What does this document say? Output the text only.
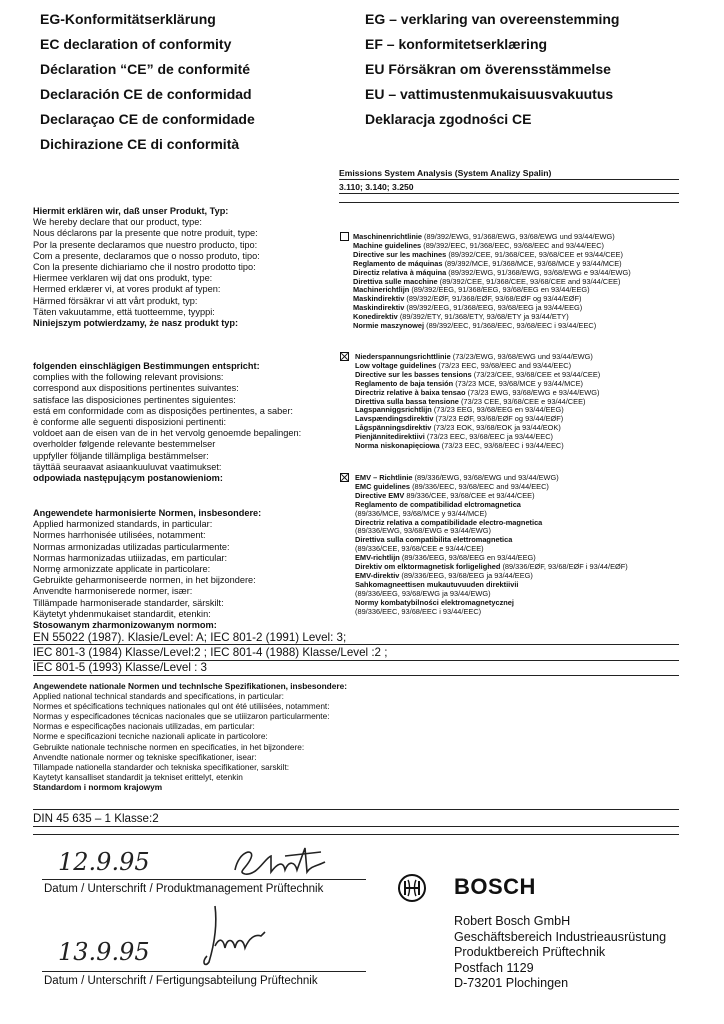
EG-Konformitätserklärung
EC declaration of conformity
Déclaration “CE” de conformité
Declaración CE de conformidad
Declaraçao CE de conformidade
Dichirazione CE di conformità
EG – verklaring van overeenstemming
EF – konformitetserklæring
EU Försäkran om överensstämmelse
EU – vattimustenmukaisuusvakuutus
Deklaracja zgodności CE
Emissions System Analysis (System Analizy Spalin)
3.110; 3.140; 3.250
Hiermit erklären wir, daß unser Produkt, Typ:
We hereby declare that our product, type:
Nous déclarons par la presente que notre produit, type:
Por la presente declaramos que nuestro producto, tipo:
Com a presente, declaramos que o nosso produto, tipo:
Con la presente dichiariamo che il nostro prodotto tipo:
Hiermee verklaren wij dat ons produkt, type:
Hermed erklærer vi, at vores produkt af typen:
Härmed försäkrar vi att vårt produkt, typ:
Täten vakuutamme, että tuotteemme, tyyppi:
Niniejszym potwierdzamy, że nasz produkt typ:
folgenden einschlägigen Bestimmungen entspricht:
complies with the following relevant provisions:
correspond aux dispositions pertinentes suivantes:
satisface las disposiciones pertinentes siguientes:
está em conformidade com as disposições pertinentes, a saber:
è conforme alle seguenti disposizioni pertinenti:
voldoet aan de eisen van de in het vervolg genoemde bepalingen:
overholder følgende relevante bestemmelser
uppfyller följande tillämpliga bestämmelser:
täyttää seuraavat asiaankuuluvat vaatimukset:
odpowiada następującym postanowieniom:
Angewendete harmonisierte Normen, insbesondere:
Applied harmonized standards, in particular:
Normes harrhonisée utilisées, notamment:
Normas armonizadas utilizadas particularmente:
Normas harmonizadas utiiizadas, em particular:
Normę armonizzate applicate in particolare:
Gebruikte geharmoniseerde normen, in het bijzondere:
Anvendte harmoniserede normer, især:
Tillämpade harmoniserade standarder, särskilt:
Käytetyt yhdenmukaiset standardit, etenkin:
Stosowanym zharmonizowanym normom:
Maschinenrichtlinie (89/392/EWG, 91/368/EWG, 93/68/EWG und 93/44/EWG)
Machine guidelines (89/392/EEC, 91/368/EEC, 93/68/EEC and 93/44/EEC)
Directive sur les machines (89/392/CEE, 91/368/CEE, 93/68/CEE et 93/44/CEE)
Reglamento de máquinas (89/392/MCE, 91/368/MCE, 93/68/MCE y 93/44/MCE)
Directiz relativa à máquina (89/392/EWG, 91/368/EWG, 93/68/EWG e 93/44/EWG)
Direttiva sulle macchine (89/392/CEE, 91/368/CEE, 93/68/CEE and 93/44/CEE)
Machinerichtlijn (89/392/EEG, 91/368/EEG, 93/68/EEG en 93/44/EEG)
Maskindirektiv (89/392/EØF, 91/368/EØF, 93/68/EØF og 93/44/EØF)
Maskindirektiv (89/392/EEG, 91/368/EEG, 93/68/EEG ja 93/44/EEG)
Konedirektiv (89/392/ETY, 91/368/ETY, 93/68/ETY ja 93/44/ETY)
Normie maszynowej (89/392/EEC, 91/368/EEC, 93/68/EEC i 93/44/EEC)
Niederspannungsrichttlinie (73/23/EWG, 93/68/EWG und 93/44/EWG)
Low voltage guidelines (73/23 EEC, 93/68/EEC and 93/44/EEC)
Directive sur les basses tensions (73/23/CEE, 93/68/CEE et 93/44/CEE)
Reglamento de baja tensión (73/23 MCE, 93/68/MCE y 93/44/MCE)
Directriz relative à baixa tensao (73/23 EWG, 93/68/EWG e 93/44/EWG)
Direttiva sulla bassa tensione (73/23 CEE, 93/68/CEE e 93/44/CEE)
Lagspanniggsrichtlijn (73/23 EEG, 93/68/EEG en 93/44/EEG)
Lavspændingsdirektiv (73/23 EØF, 93/68/EØF og 93/44/EØF)
Lågspänningsdirektiv (73/23 EOK, 93/68/EOK ja 93/44/EOK)
Pienjännitedirektiivi (73/23 EEC, 93/68/EEC ja 93/44/EEC)
Norma niskonapięciowa (73/23 EEC, 93/68/EEC i 93/44/EEC)
EMV – Richtlinie (89/336/EWG, 93/68/EWG und 93/44/EWG)
EMC guidelines (89/336/EEC, 93/68/EEC and 93/44/EEC)
Directive EMV 89/336/CEE, 93/68/CEE et 93/44/CEE)
Reglamento de compatibilidad elctromagnetica
(89/336/MCE, 93/68/MCE y 93/44/MCE)
Directriz relativa a compatibilidade electro-magnetica
(89/336/EWG, 93/68/EWG e 93/44/EWG)
Direttiva sulla compatibilita elettromagnetica
(89/336/CEE, 93/68/CEE e 93/44/CEE)
EMV-richtlijn (89/336/EEG, 93/68/EEG en 93/44/EEG)
Direktiv om elktormagnetisk forligelighed (89/336/EØF, 93/68/EØF i 93/44/EØF)
EMV-direktiv (89/336/EEG, 93/68/EEG ja 93/44/EEG)
Sahkomagneettisen mukautuvuuden direktiivii
(89/336/EEG, 93/68/EWG ja 93/44/EWG)
Normy kombatybilności elektromagnetycznej
(89/336/EEC, 93/68/EEC i 93/44/EEC)
EN 55022 (1987). Klasie/Level: A; IEC 801-2 (1991) Level: 3;
IEC 801-3 (1984) Klasse/Level:2 ; IEC 801-4 (1988) Klasse/Level :2 ;
IEC 801-5 (1993) Klasse/Level : 3
Angewendete nationale Normen und technlsche Spezifikationen, insbesondere:
Applied national technical standards and specifications, in particular:
Normes et spécifications techniques nationales qul ont été utiliisées, notamment:
Normas y especificadones técnicas nacionales que se utiiizaron particularmente:
Normas e especificações nacionais utilizadas, em particular:
Norme e specificazioni tecniche nazionali aplicate in particolore:
Gebruikte nationale technische normen en specificaties, in het bijzondere:
Anvendte nationale normer og tekniske specifikationer, isear:
Tillampade nationella standarder och tekniska specifikationer, sarskilt:
Kaytetyt kansalliset standardit ja tekniset erittelyt, etenkin
Standardom i normom krajowym
DIN 45 635 – 1 Klasse:2
12.9.95
Datum / Unterschrift / Produktmanagement Prüftechnik
13.9.95
Datum / Unterschrift / Fertigungsabteilung Prüftechnik
BOSCH
Robert Bosch GmbH
Geschäftsbereich Industrieausrüstung
Produktbereich Prüftechnik
Postfach 1129
D-73201 Plochingen
